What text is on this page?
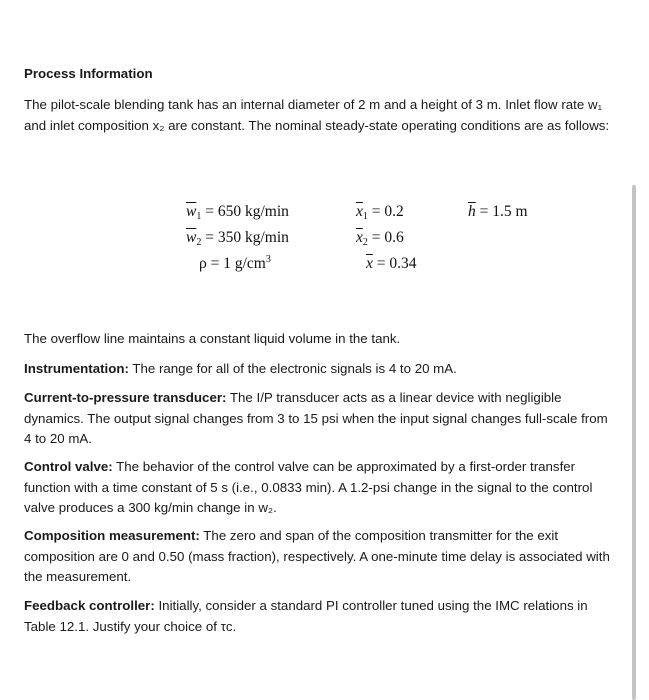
Process Information

The pilot-scale blending tank has an internal diameter of 2 m and a height of 3 m. Inlet flow rate w₁ and inlet composition x₂ are constant. The nominal steady-state operating conditions are as follows:

$\overline{w}_1 = 650$ kg/min
$\overline{w}_2 = 350$ kg/min
ρ = 1 $g/cm^3$
$\overline{x}_1 = 0.2$
$\overline{x}_2 = 0.6$
$\overline{x} = 0.34$
$\overline{h} = 1.5$ m

The overflow line maintains a constant liquid volume in the tank.

Instrumentation: The range for all of the electronic signals is 4 to 20 mA.

Current-to-pressure transducer: The I/P transducer acts as a linear device with negligible dynamics. The output signal changes from 3 to 15 psi when the input signal changes full-scale from 4 to 20 mA.

Control valve: The behavior of the control valve can be approximated by a first-order transfer function with a time constant of 5 s (i.e., 0.0833 min). A 1.2-psi change in the signal to the control valve produces a 300 kg/min change in w₂.

Composition measurement: The zero and span of the composition transmitter for the exit composition are 0 and 0.50 (mass fraction), respectively. A one-minute time delay is associated with the measurement.

Feedback controller: Initially, consider a standard PI controller tuned using the IMC relations in Table 12.1. Justify your choice of τc.
